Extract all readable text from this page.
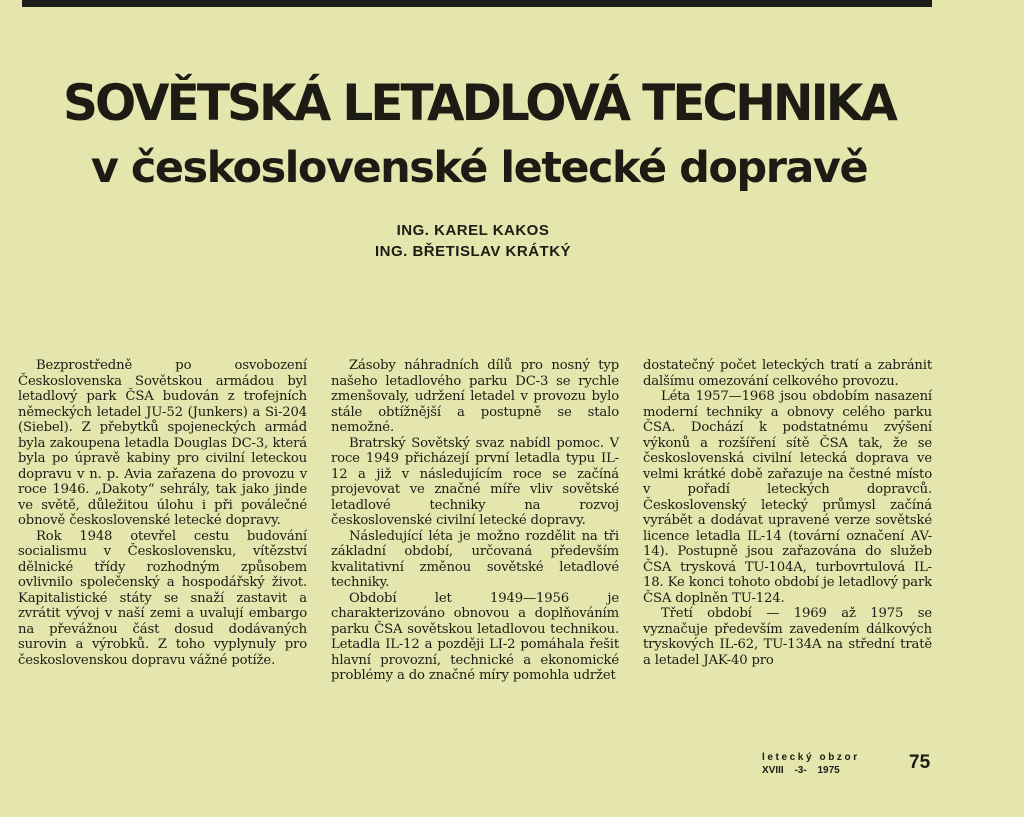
SOVĚTSKÁ LETADLOVÁ TECHNIKA
v československé letecké dopravě
ING. KAREL KAKOS
ING. BŘETISLAV KRÁTKÝ

Bezprostředně po osvobození Československa Sovětskou armádou byl letadlový park ČSA budován z trofejních německých letadel JU-52 (Junkers) a Si-204 (Siebel). Z přebytků spojeneckých armád byla zakoupena letadla Douglas DC-3, která byla po úpravě kabiny pro civilní leteckou dopravu v n. p. Avia zařazena do provozu v roce 1946. „Dakoty“ sehrály, tak jako jinde ve světě, důležitou úlohu i při poválečné obnově československé letecké dopravy.

Rok 1948 otevřel cestu budování socialismu v Československu, vítězství dělnické třídy rozhodným způsobem ovlivnilo společenský a hospodářský život. Kapitalistické státy se snaží zastavit a zvrátit vývoj v naší zemi a uvalují embargo na převážnou část dosud dodávaných surovin a výrobků. Z toho vyplynuly pro československou dopravu vážné potíže.

Zásoby náhradních dílů pro nosný typ našeho letadlového parku DC-3 se rychle zmenšovaly, udržení letadel v provozu bylo stále obtížnější a postupně se stalo nemožné.

Bratrský Sovětský svaz nabídl pomoc. V roce 1949 přicházejí první letadla typu IL-12 a již v následujícím roce se začíná projevovat ve značné míře vliv sovětské letadlové techniky na rozvoj československé civilní letecké dopravy.

Následující léta je možno rozdělit na tři základní období, určovaná především kvalitativní změnou sovětské letadlové techniky.

Období let 1949—1956 je charakterizováno obnovou a doplňováním parku ČSA sovětskou letadlovou technikou. Letadla IL-12 a později LI-2 pomáhala řešit hlavní provozní, technické a ekonomické problémy a do značné míry pomohla udržet

dostatečný počet leteckých tratí a zabránit dalšímu omezování celkového provozu.

Léta 1957—1968 jsou obdobím nasazení moderní techniky a obnovy celého parku ČSA. Dochází k podstatnému zvýšení výkonů a rozšíření sítě ČSA tak, že se československá civilní letecká doprava ve velmi krátké době zařazuje na čestné místo v pořadí leteckých dopravců. Československý letecký průmysl začíná vyrábět a dodávat upravené verze sovětské licence letadla IL-14 (tovární označení AV-14). Postupně jsou zařazována do služeb ČSA trysková TU-104A, turbovrtulová IL-18. Ke konci tohoto období je letadlový park ČSA doplněn TU-124.

Třetí období — 1969 až 1975 se vyznačuje především zavedením dálkových tryskových IL-62, TU-134A na střední tratě a letadel JAK-40 pro

letecký obzor
XVIII -3- 1975	75
